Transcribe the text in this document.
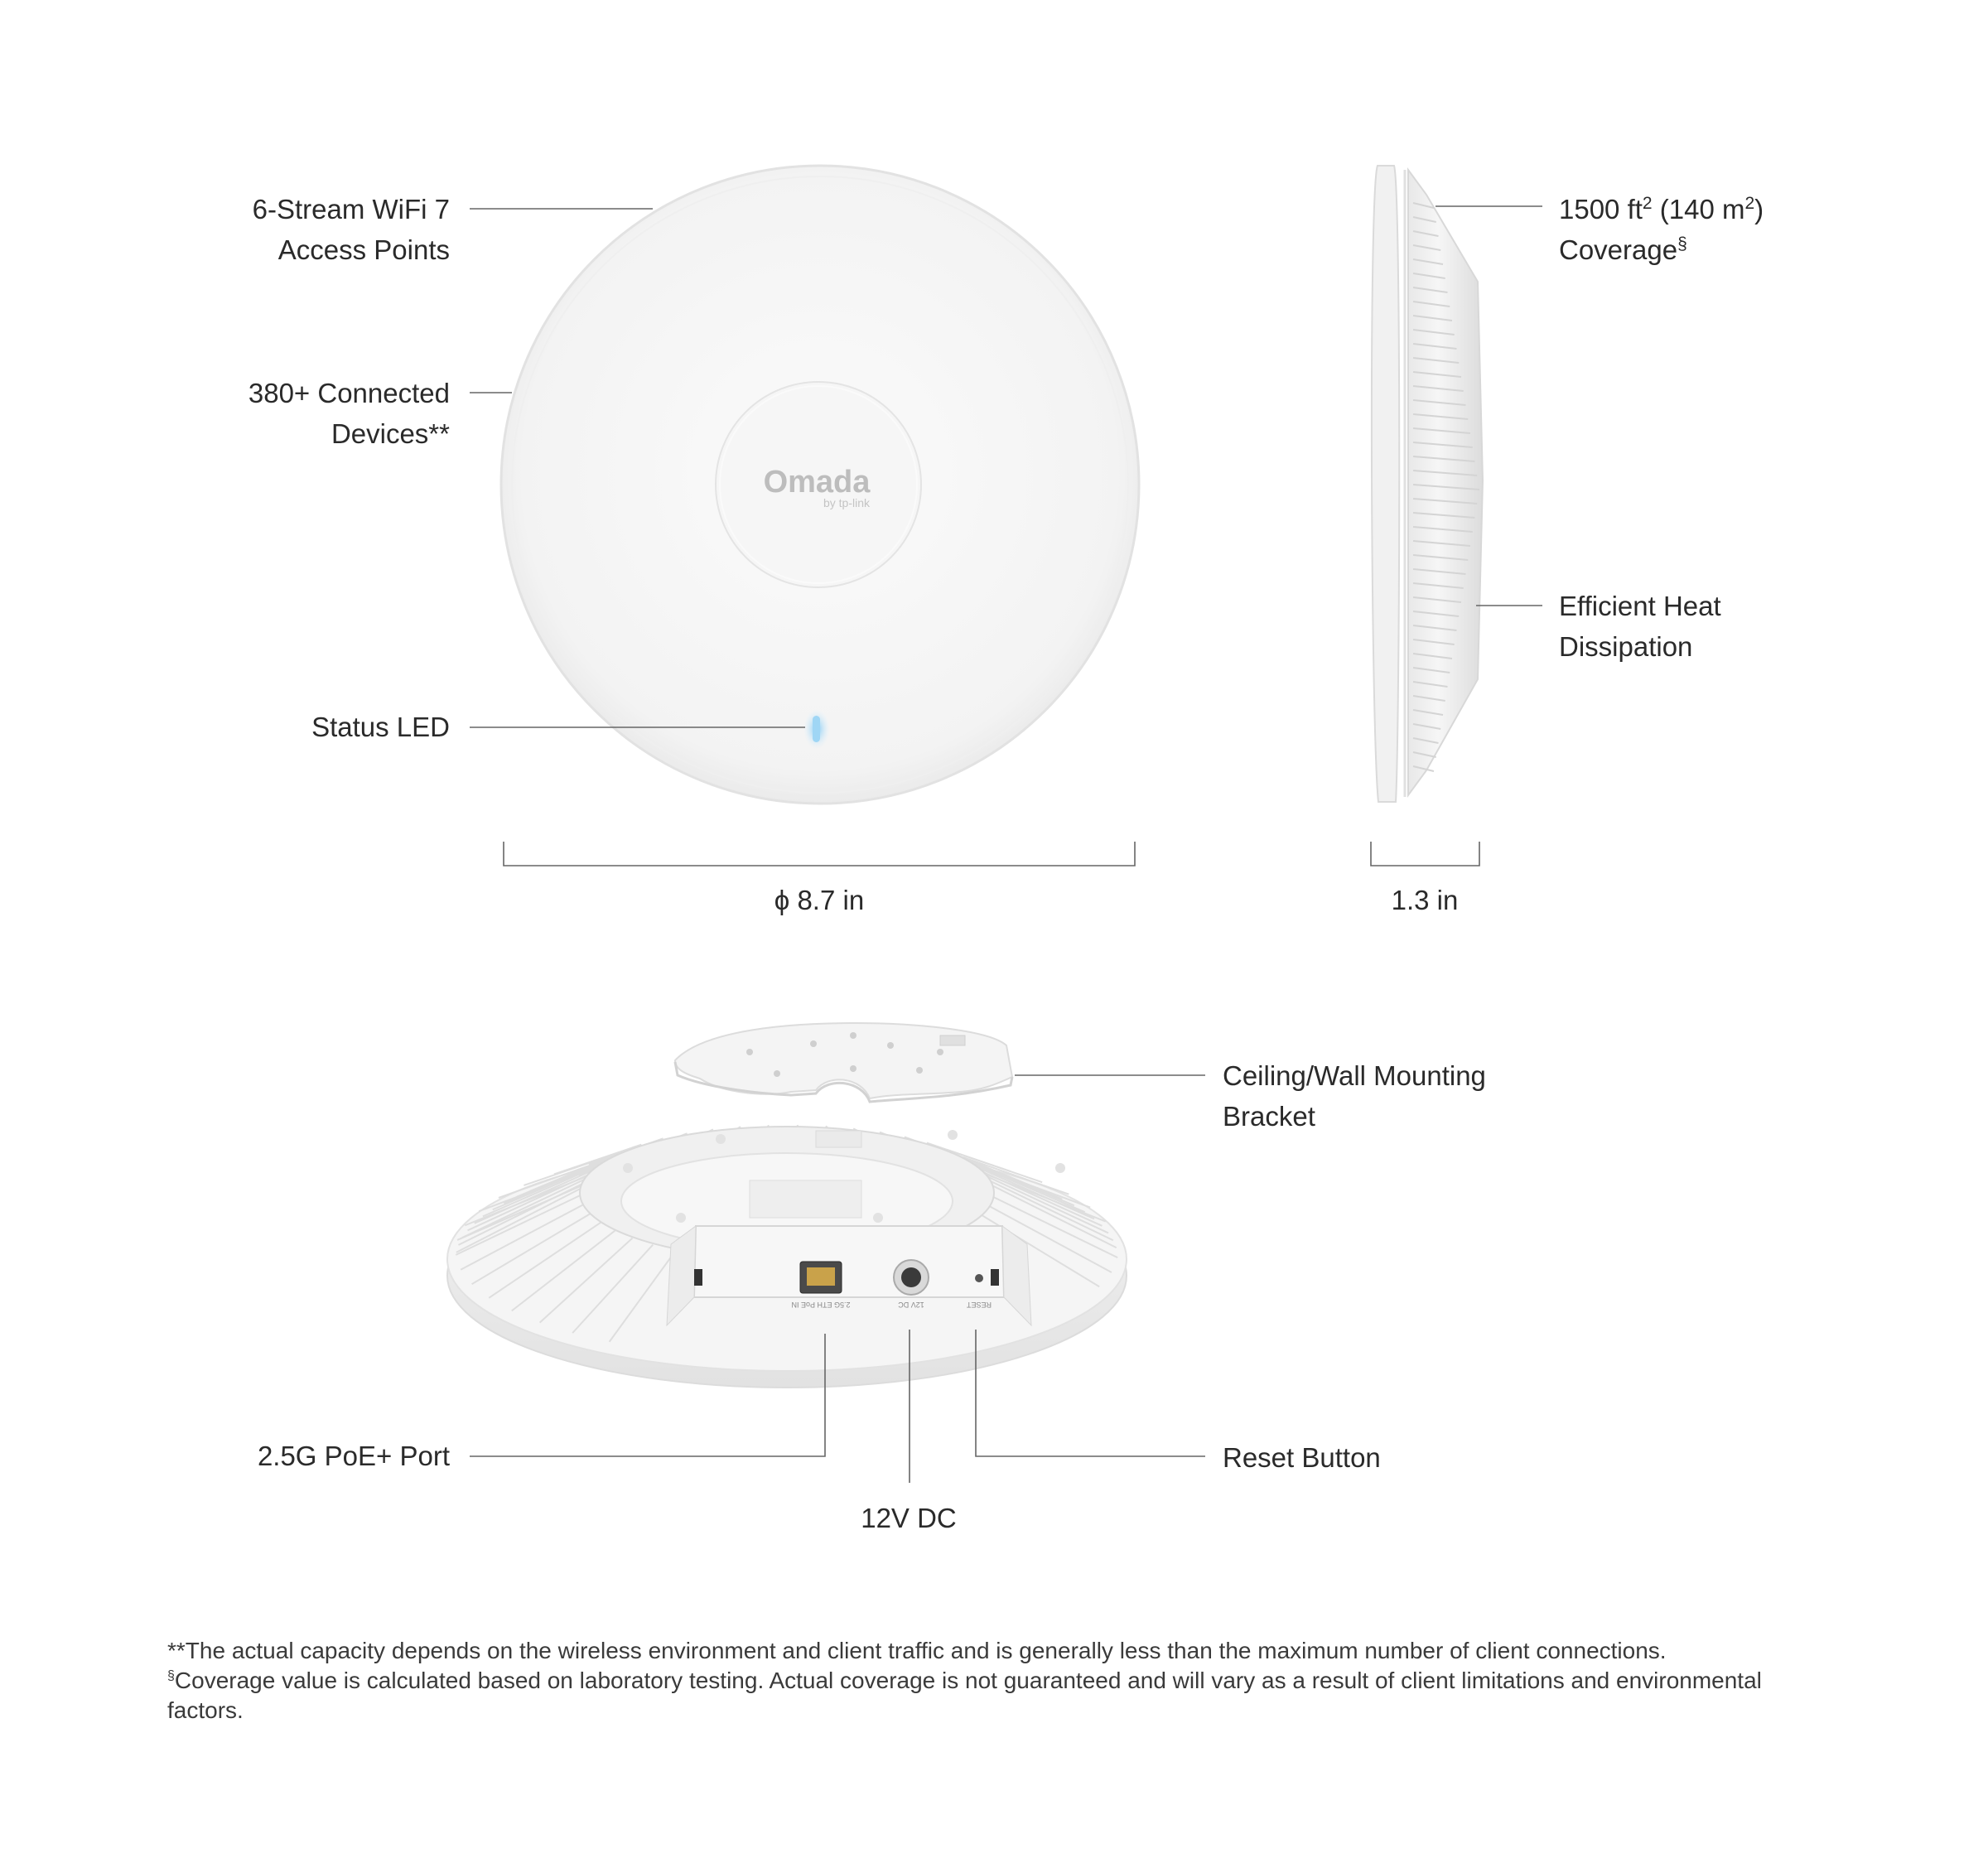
Omada
by tp-link
2.5G ETH PoE IN	12V DC	RESET
6-Stream WiFi 7
Access Points
380+ Connected
Devices**
Status LED
1500 $ft^2$ (140 $m^2$)
Coverage§
Efficient Heat
Dissipation
ϕ 8.7 in	1.3 in
Ceiling/Wall Mounting
Bracket
2.5G PoE+ Port	Reset Button
12V DC
**The actual capacity depends on the wireless environment and client traffic and is generally less than the maximum number of client connections.
§Coverage value is calculated based on laboratory testing. Actual coverage is not guaranteed and will vary as a result of client limitations and environmental
factors.
